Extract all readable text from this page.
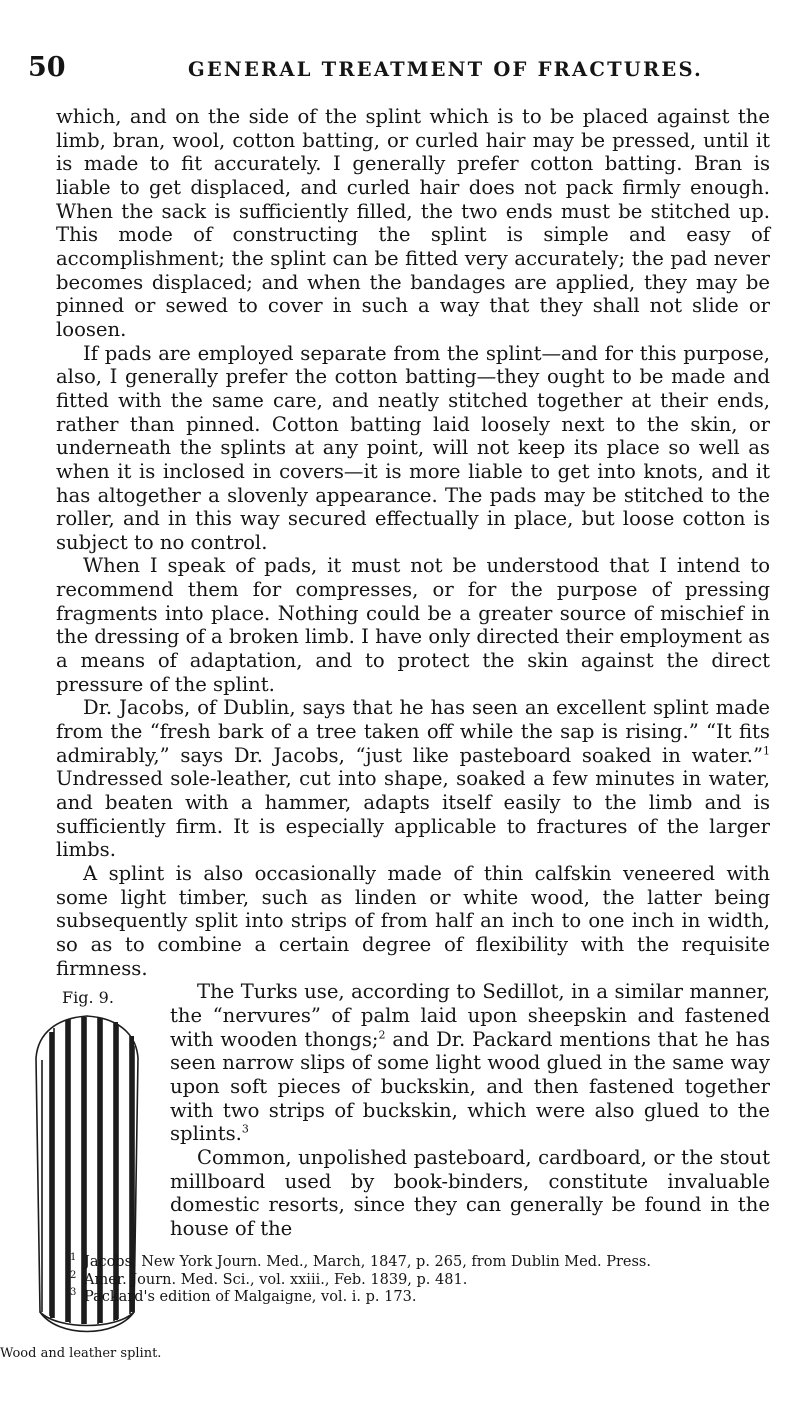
50	GENERAL TREATMENT OF FRACTURES.

which, and on the side of the splint which is to be placed against the limb, bran, wool, cotton batting, or curled hair may be pressed, until it is made to fit accurately. I generally prefer cotton batting. Bran is liable to get displaced, and curled hair does not pack firmly enough. When the sack is sufficiently filled, the two ends must be stitched up. This mode of constructing the splint is simple and easy of accomplishment; the splint can be fitted very accurately; the pad never becomes displaced; and when the bandages are applied, they may be pinned or sewed to cover in such a way that they shall not slide or loosen.

If pads are employed separate from the splint—and for this purpose, also, I generally prefer the cotton batting—they ought to be made and fitted with the same care, and neatly stitched together at their ends, rather than pinned. Cotton batting laid loosely next to the skin, or underneath the splints at any point, will not keep its place so well as when it is inclosed in covers—it is more liable to get into knots, and it has altogether a slovenly appearance. The pads may be stitched to the roller, and in this way secured effectually in place, but loose cotton is subject to no control.

When I speak of pads, it must not be understood that I intend to recommend them for compresses, or for the purpose of pressing fragments into place. Nothing could be a greater source of mischief in the dressing of a broken limb. I have only directed their employment as a means of adaptation, and to protect the skin against the direct pressure of the splint.

Dr. Jacobs, of Dublin, says that he has seen an excellent splint made from the “fresh bark of a tree taken off while the sap is rising.” “It fits admirably,” says Dr. Jacobs, “just like pasteboard soaked in water.”$^1$ Undressed sole-leather, cut into shape, soaked a few minutes in water, and beaten with a hammer, adapts itself easily to the limb and is sufficiently firm. It is especially applicable to fractures of the larger limbs.

A splint is also occasionally made of thin calfskin veneered with some light timber, such as linden or white wood, the latter being subsequently split into strips of from half an inch to one inch in width, so as to combine a certain degree of flexibility with the requisite firmness.

Fig. 9.
Wood and leather splint.

The Turks use, according to Sedillot, in a similar manner, the “nervures” of palm laid upon sheepskin and fastened with wooden thongs;$^2$ and Dr. Packard mentions that he has seen narrow slips of some light wood glued in the same way upon soft pieces of buckskin, and then fastened together with two strips of buckskin, which were also glued to the splints.$^3$

Common, unpolished pasteboard, cardboard, or the stout millboard used by book-binders, constitute invaluable domestic resorts, since they can generally be found in the house of the

1 Jacobs, New York Journ. Med., March, 1847, p. 265, from Dublin Med. Press.
2 Amer. Journ. Med. Sci., vol. xxiii., Feb. 1839, p. 481.
3 Packard's edition of Malgaigne, vol. i. p. 173.
